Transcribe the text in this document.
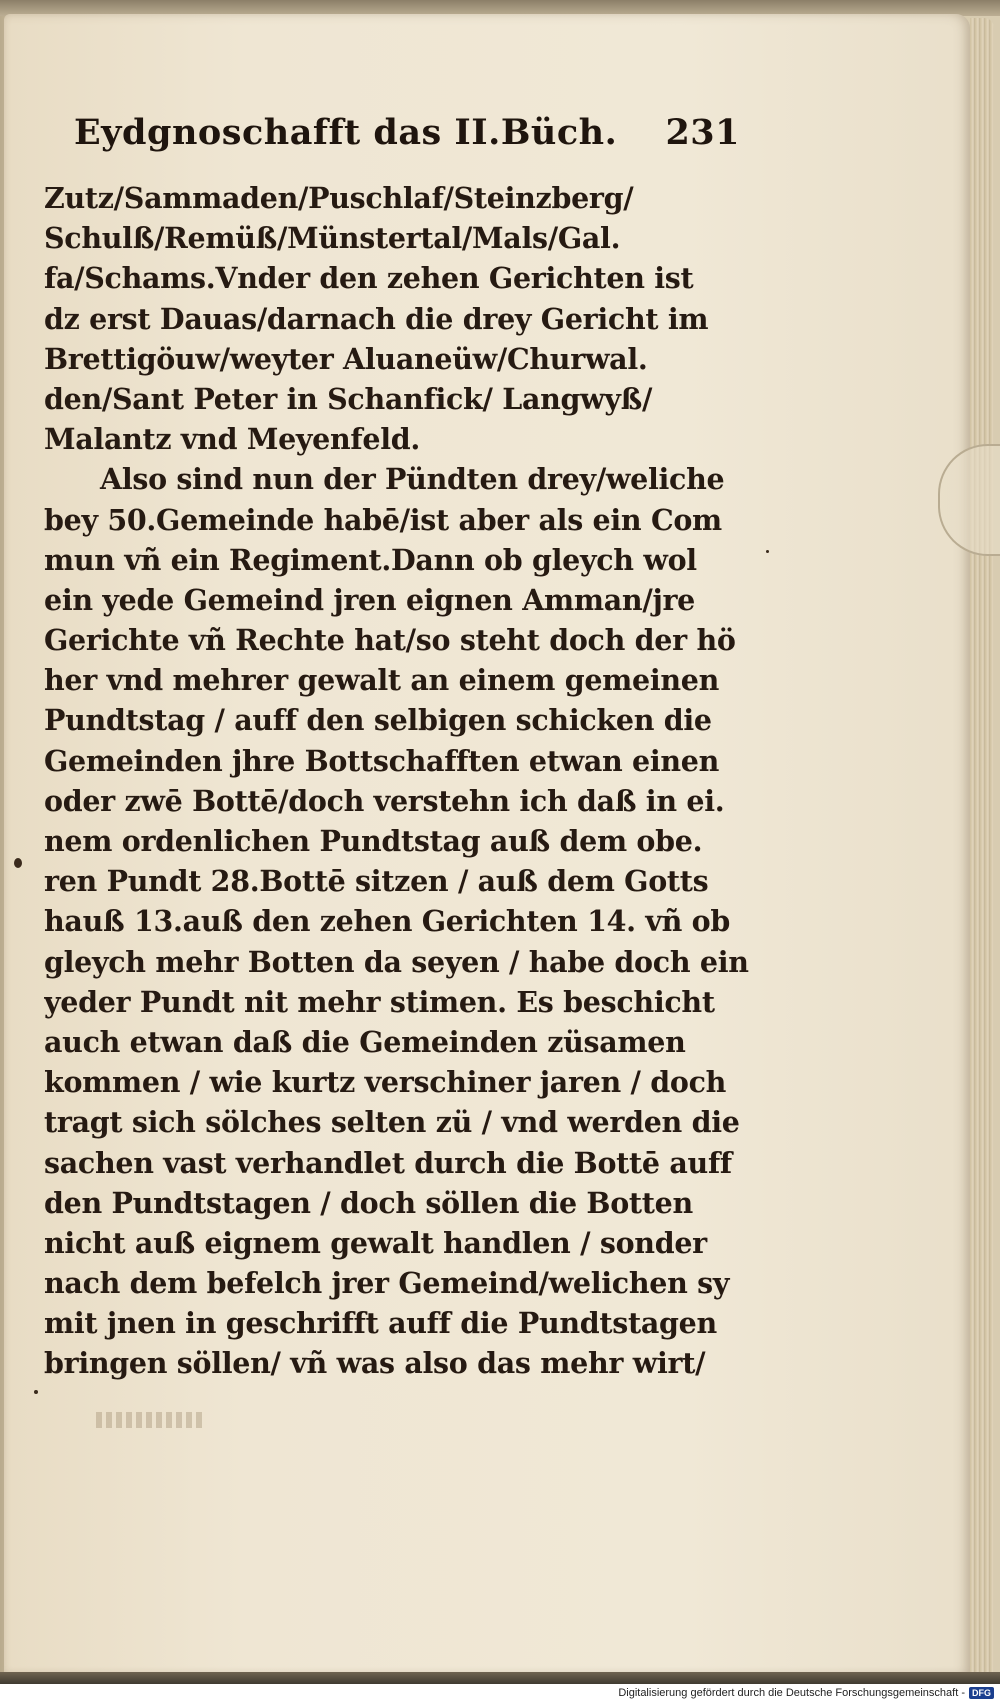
Eydgnoschafft das II.Büch. 231
Zutz/Sammaden/Puschlaf/Steinzberg/
Schulß/Remüß/Münstertal/Mals/Gal.
fa/Schams.Vnder den zehen Gerichten ist
dz erst Dauas/darnach die drey Gericht im
Brettigöuw/weyter Aluaneüw/Churwal.
den/Sant Peter in Schanfick/ Langwyß/
Malantz vnd Meyenfeld.
Also sind nun der Pündten drey/weliche
bey 50.Gemeinde habē/ist aber als ein Com
mun vñ ein Regiment.Dann ob gleych wol
ein yede Gemeind jren eignen Amman/jre
Gerichte vñ Rechte hat/so steht doch der hö
her vnd mehrer gewalt an einem gemeinen
Pundtstag / auff den selbigen schicken die
Gemeinden jhre Bottschafften etwan einen
oder zwē Bottē/doch verstehn ich daß in ei.
nem ordenlichen Pundtstag auß dem obe.
ren Pundt 28.Bottē sitzen / auß dem Gotts
hauß 13.auß den zehen Gerichten 14. vñ ob
gleych mehr Botten da seyen / habe doch ein
yeder Pundt nit mehr stimen. Es beschicht
auch etwan daß die Gemeinden züsamen
kommen / wie kurtz verschiner jaren / doch
tragt sich sölches selten zü / vnd werden die
sachen vast verhandlet durch die Bottē auff
den Pundtstagen / doch söllen die Botten
nicht auß eignem gewalt handlen / sonder
nach dem befelch jrer Gemeind/welichen sy
mit jnen in geschrifft auff die Pundtstagen
bringen söllen/ vñ was also das mehr wirt/
Digitalisierung gefördert durch die Deutsche Forschungsgemeinschaft - DFG
